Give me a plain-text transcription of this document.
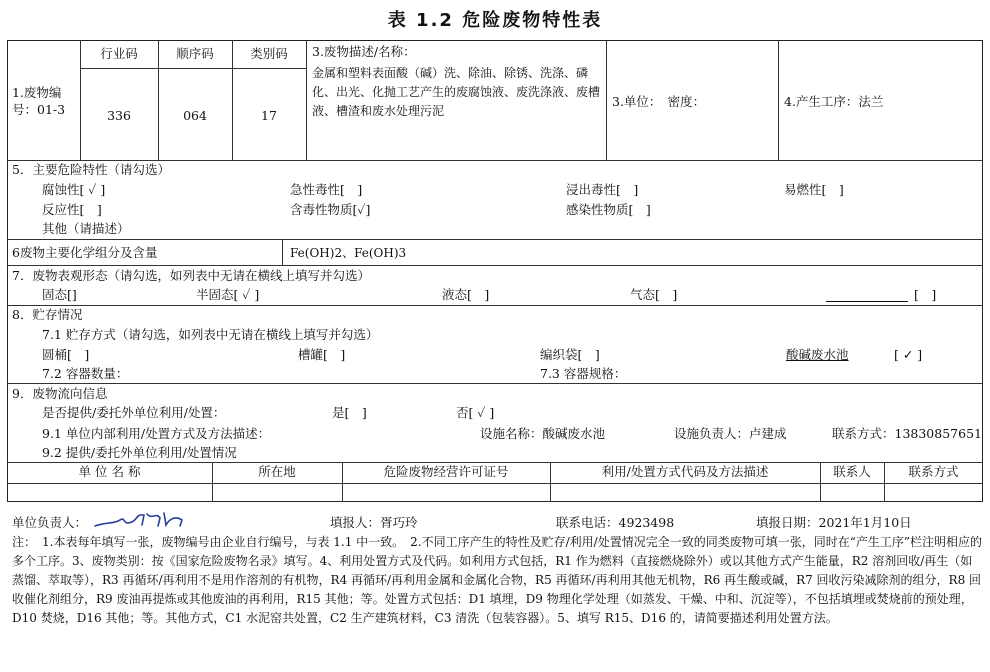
表 1.2 危险废物特性表
1.废物编号：01-3
行业码	顺序码	类别码
336	064	17
3.废物描述/名称：
金属和塑料表面酸（碱）洗、除油、除锈、洗涤、磷化、出光、化抛工艺产生的废腐蚀液、废洗涤液、废槽液、槽渣和废水处理污泥
3.单位：　密度：	4.产生工序：法兰
5．主要危险特性（请勾选）
腐蚀性[ ✓ ]	急性毒性[　]	浸出毒性[　]	易燃性[　]
反应性[　]	含毒性物质[✓]	感染性物质[　]
其他（请描述）
6废物主要化学组分及含量	Fe(OH)2、Fe(OH)3
7．废物表观形态（请勾选，如列表中无请在横线上填写并勾选）
固态[]	半固态[ ✓ ]	液态[　]	气态[　]	[　]
8．贮存情况
7.1 贮存方式（请勾选，如列表中无请在横线上填写并勾选）
圆桶[　]	槽罐[　]	编织袋[　]	酸碱废水池	[ ✓ ]
7.2 容器数量：	7.3 容器规格：
9．废物流向信息
是否提供/委托外单位利用/处置：	是[　]	否[ ✓ ]
9.1 单位内部利用/处置方式及方法描述：	设施名称：酸碱废水池	设施负责人：卢建成	联系方式：13830857651
9.2 提供/委托外单位利用/处置情况
单 位 名 称	所在地	危险废物经营许可证号	利用/处置方式代码及方法描述	联系人	联系方式
单位负责人：	填报人：胥巧玲	联系电话：4923498	填报日期：2021年1月10日
注：　1.本表每年填写一张，废物编号由企业自行编号，与表 1.1 中一致。　2.不同工序产生的特性及贮存/利用/处置情况完全一致的同类废物可填一张，同时在“产生工序”栏注明相应的多个工序。3、废物类别：按《国家危险废物名录》填写。4、利用处置方式及代码。如利用方式包括，R1 作为燃料（直接燃烧除外）或以其他方式产生能量，R2 溶剂回收/再生（如蒸馏、萃取等），R3 再循环/再利用不是用作溶剂的有机物，R4 再循环/再利用金属和金属化合物，R5 再循环/再利用其他无机物，R6 再生酸或碱，R7 回收污染减除剂的组分，R8 回收催化剂组分，R9 废油再提炼或其他废油的再利用，R15 其他；等。处置方式包括：D1 填埋，D9 物理化学处理（如蒸发、干燥、中和、沉淀等），不包括填埋或焚烧前的预处理，D10 焚烧，D16 其他；等。其他方式，C1 水泥窑共处置，C2 生产建筑材料，C3 清洗（包装容器）。5、填写 R15、D16 的，请简要描述利用处置方法。
